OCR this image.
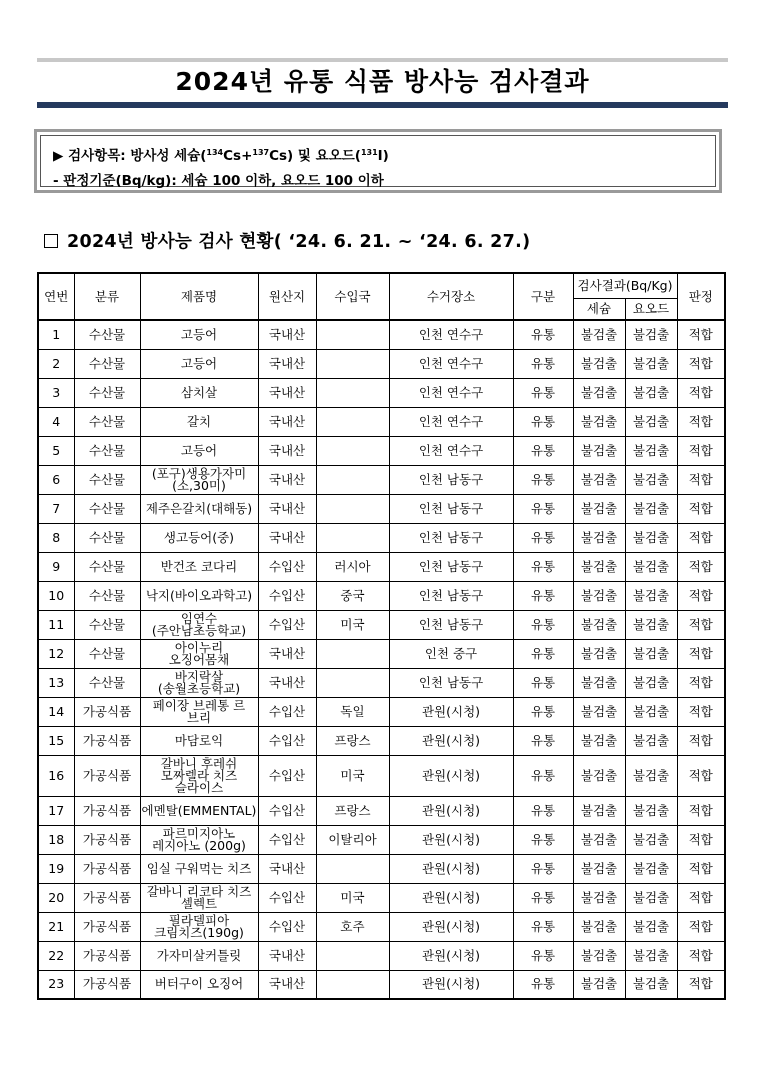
2024년 유통 식품 방사능 검사결과
▶ 검사항목: 방사성 세슘($^{134}$Cs+$^{137}$Cs) 및 요오드($^{131}$I)
- 판정기준(Bq/kg): 세슘 100 이하, 요오드 100 이하
2024년 방사능 검사 현황( ‘24. 6. 21. ~ ‘24. 6. 27.)
연번	분류	제품명	원산지	수입국	수거장소	구분	검사결과(Bq/Kg)		판정
							세슘	요오드	
1	수산물	고등어	국내산		인천 연수구	유통	불검출	불검출	적합
2	수산물	고등어	국내산		인천 연수구	유통	불검출	불검출	적합
3	수산물	삼치살	국내산		인천 연수구	유통	불검출	불검출	적합
4	수산물	갈치	국내산		인천 연수구	유통	불검출	불검출	적합
5	수산물	고등어	국내산		인천 연수구	유통	불검출	불검출	적합
6	수산물	(포구)생용가자미
(소,30미)	국내산		인천 남동구	유통	불검출	불검출	적합
7	수산물	제주은갈치(대해동)	국내산		인천 남동구	유통	불검출	불검출	적합
8	수산물	생고등어(중)	국내산		인천 남동구	유통	불검출	불검출	적합
9	수산물	반건조 코다리	수입산	러시아	인천 남동구	유통	불검출	불검출	적합
10	수산물	낙지(바이오과학고)	수입산	중국	인천 남동구	유통	불검출	불검출	적합
11	수산물	임연수
(주안남초등학교)	수입산	미국	인천 남동구	유통	불검출	불검출	적합
12	수산물	아이누리
오징어몸채	국내산		인천 중구	유통	불검출	불검출	적합
13	수산물	바지락살
(송월초등학교)	국내산		인천 남동구	유통	불검출	불검출	적합
14	가공식품	페이장 브레통 르
브리	수입산	독일	관원(시청)	유통	불검출	불검출	적합
15	가공식품	마담로익	수입산	프랑스	관원(시청)	유통	불검출	불검출	적합
16	가공식품	갈바니 후레쉬
모짜렐라 치즈
슬라이스	수입산	미국	관원(시청)	유통	불검출	불검출	적합
17	가공식품	에멘탈(EMMENTAL)	수입산	프랑스	관원(시청)	유통	불검출	불검출	적합
18	가공식품	파르미지아노
레지아노 (200g)	수입산	이탈리아	관원(시청)	유통	불검출	불검출	적합
19	가공식품	임실 구워먹는 치즈	국내산		관원(시청)	유통	불검출	불검출	적합
20	가공식품	갈바니 리코타 치즈
셀렉트	수입산	미국	관원(시청)	유통	불검출	불검출	적합
21	가공식품	필라델피아
크림치즈(190g)	수입산	호주	관원(시청)	유통	불검출	불검출	적합
22	가공식품	가자미살커틀릿	국내산		관원(시청)	유통	불검출	불검출	적합
23	가공식품	버터구이 오징어	국내산		관원(시청)	유통	불검출	불검출	적합
